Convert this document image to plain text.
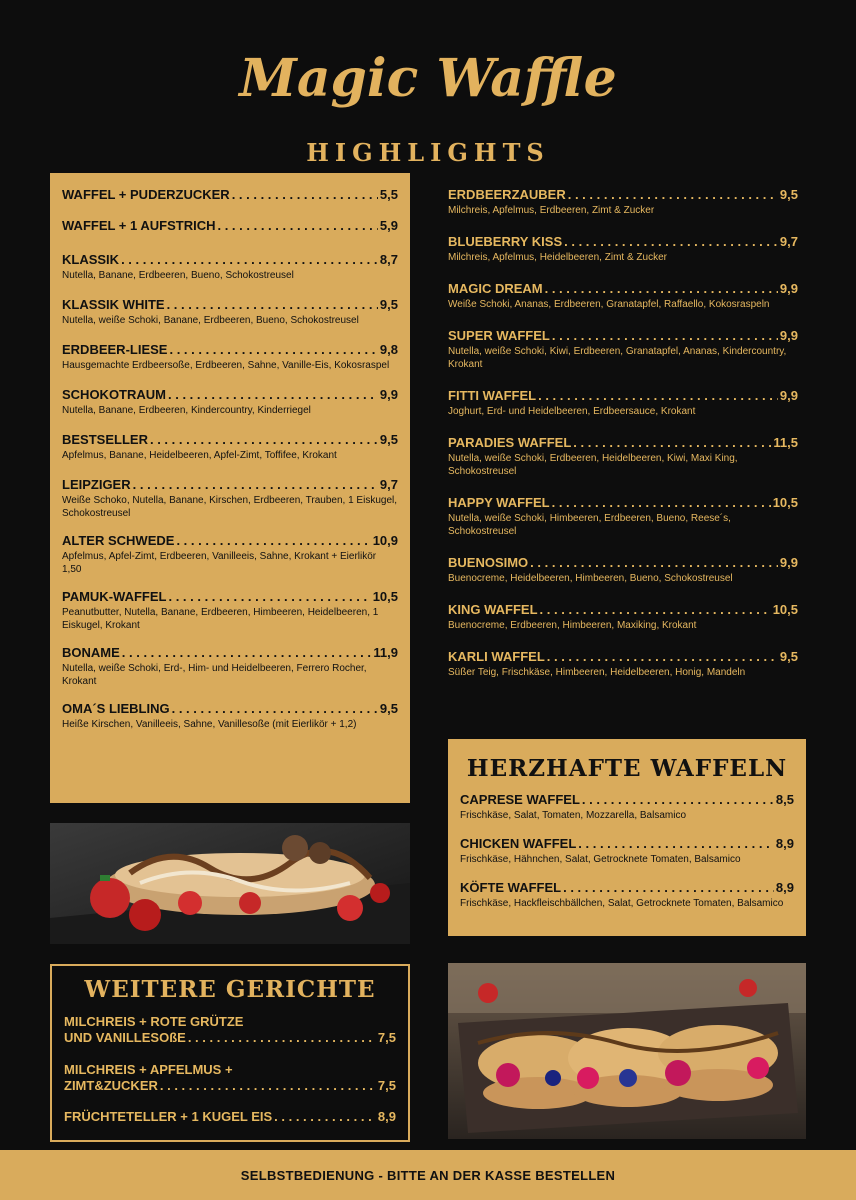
Magic Waffle
HIGHLIGHTS
WAFFEL + PUDERZUCKER . . .	5,5
WAFFEL + 1 AUFSTRICH . . .	5,9
KLASSIK . . .	8,7
Nutella, Banane, Erdbeeren, Bueno, Schokostreusel
KLASSIK WHITE . . .	9,5
Nutella, weiße Schoki, Banane, Erdbeeren, Bueno, Schokostreusel
ERDBEER-LIESE . . .	9,8
Hausgemachte Erdbeersoße, Erdbeeren, Sahne, Vanille-Eis, Kokosraspel
SCHOKOTRAUM . . .	9,9
Nutella, Banane, Erdbeeren, Kindercountry, Kinderriegel
BESTSELLER . . .	9,5
Apfelmus, Banane, Heidelbeeren, Apfel-Zimt, Toffifee, Krokant
LEIPZIGER . . .	9,7
Weiße Schoko, Nutella, Banane, Kirschen, Erdbeeren, Trauben, 1 Eiskugel, Schokostreusel
ALTER SCHWEDE . . .	10,9
Apfelmus, Apfel-Zimt, Erdbeeren, Vanilleeis, Sahne, Krokant + Eierlikör 1,50
PAMUK-WAFFEL . . .	10,5
Peanutbutter, Nutella, Banane, Erdbeeren, Himbeeren, Heidelbeeren, 1 Eiskugel, Krokant
BONAME . . .	11,9
Nutella, weiße Schoki, Erd-, Him- und Heidelbeeren, Ferrero Rocher, Krokant
OMA´S LIEBLING . . .	9,5
Heiße Kirschen, Vanilleeis, Sahne, Vanillesoße (mit Eierlikör + 1,2)
ERDBEERZAUBER . . .	9,5
Milchreis, Apfelmus, Erdbeeren, Zimt & Zucker
BLUEBERRY KISS . . .	9,7
Milchreis, Apfelmus, Heidelbeeren, Zimt & Zucker
MAGIC DREAM . . .	9,9
Weiße Schoki, Ananas, Erdbeeren, Granatapfel, Raffaello, Kokosraspeln
SUPER WAFFEL . . .	9,9
Nutella, weiße Schoki, Kiwi, Erdbeeren, Granatapfel, Ananas, Kindercountry, Krokant
FITTI WAFFEL . . .	9,9
Joghurt, Erd- und Heidelbeeren, Erdbeersauce, Krokant
PARADIES WAFFEL . . .	11,5
Nutella, weiße Schoki, Erdbeeren, Heidelbeeren, Kiwi, Maxi King, Schokostreusel
HAPPY WAFFEL . . .	10,5
Nutella, weiße Schoki, Himbeeren, Erdbeeren, Bueno, Reese´s, Schokostreusel
BUENOSIMO . . .	9,9
Buenocreme, Heidelbeeren, Himbeeren, Bueno, Schokostreusel
KING WAFFEL . . .	10,5
Buenocreme, Erdbeeren, Himbeeren, Maxiking, Krokant
KARLI WAFFEL . . .	9,5
Süßer Teig, Frischkäse, Himbeeren, Heidelbeeren, Honig, Mandeln
HERZHAFTE WAFFELN
CAPRESE WAFFEL . . .	8,5
Frischkäse, Salat, Tomaten, Mozzarella, Balsamico
CHICKEN WAFFEL . . .	8,9
Frischkäse, Hähnchen, Salat, Getrocknete Tomaten, Balsamico
KÖFTE WAFFEL . . .	8,9
Frischkäse, Hackfleischbällchen, Salat, Getrocknete Tomaten, Balsamico
WEITERE GERICHTE
MILCHREIS + ROTE GRÜTZE
UND VANILLESOßE . . .	7,5
MILCHREIS + APFELMUS +
ZIMT&ZUCKER . . .	7,5
FRÜCHTETELLER + 1 KUGEL EIS . . .	8,9
SELBSTBEDIENUNG - BITTE AN DER KASSE BESTELLEN
